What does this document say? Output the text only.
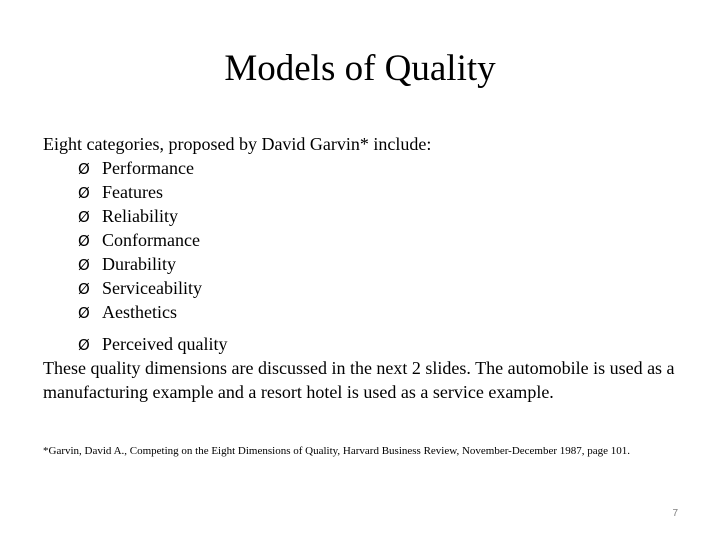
Models of Quality

Eight categories, proposed by David Garvin* include:

Ø Performance
Ø Features
Ø Reliability
Ø Conformance
Ø Durability
Ø Serviceability
Ø Aesthetics
Ø Perceived quality

These quality dimensions are discussed in the next 2 slides. The automobile is used as a manufacturing example and a resort hotel is used as a service example.

*Garvin, David A., Competing on the Eight Dimensions of Quality, Harvard Business Review, November-December 1987, page 101.

7
